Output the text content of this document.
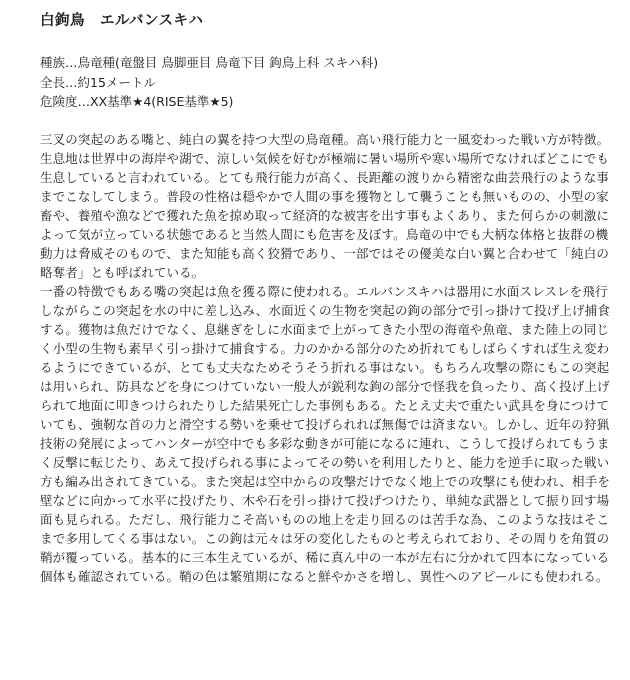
白鉤鳥　エルバンスキハ
種族…鳥竜種(竜盤目 鳥脚亜目 鳥竜下目 鉤鳥上科 スキハ科)
全長…約15メートル
危険度…XX基準★4(RISE基準★5)

三叉の突起のある嘴と、純白の翼を持つ大型の鳥竜種。高い飛行能力と一風変わった戦い方が特徴。

生息地は世界中の海岸や湖で、涼しい気候を好むが極端に暑い場所や寒い場所でなければどこにでも生息していると言われている。とても飛行能力が高く、長距離の渡りから精密な曲芸飛行のような事までこなしてしまう。普段の性格は穏やかで人間の事を獲物として襲うことも無いものの、小型の家畜や、養殖や漁などで獲れた魚を掠め取って経済的な被害を出す事もよくあり、また何らかの刺激によって気が立っている状態であると当然人間にも危害を及ぼす。鳥竜の中でも大柄な体格と抜群の機動力は脅威そのもので、また知能も高く狡猾であり、一部ではその優美な白い翼と合わせて「純白の略奪者」とも呼ばれている。

一番の特徴でもある嘴の突起は魚を獲る際に使われる。エルバンスキハは器用に水面スレスレを飛行しながらこの突起を水の中に差し込み、水面近くの生物を突起の鉤の部分で引っ掛けて投げ上げ捕食する。獲物は魚だけでなく、息継ぎをしに水面まで上がってきた小型の海竜や魚竜、また陸上の同じく小型の生物も素早く引っ掛けて捕食する。力のかかる部分のため折れてもしばらくすれば生え変わるようにできているが、とても丈夫なためそうそう折れる事はない。もちろん攻撃の際にもこの突起は用いられ、防具などを身につけていない一般人が鋭利な鉤の部分で怪我を負ったり、高く投げ上げられて地面に叩きつけられたりした結果死亡した事例もある。たとえ丈夫で重たい武具を身につけていても、強靭な首の力と滑空する勢いを乗せて投げられれば無傷では済まない。しかし、近年の狩猟技術の発展によってハンターが空中でも多彩な動きが可能になるに連れ、こうして投げられてもうまく反撃に転じたり、あえて投げられる事によってその勢いを利用したりと、能力を逆手に取った戦い方も編み出されてきている。また突起は空中からの攻撃だけでなく地上での攻撃にも使われ、相手を壁などに向かって水平に投げたり、木や石を引っ掛けて投げつけたり、単純な武器として振り回す場面も見られる。ただし、飛行能力こそ高いものの地上を走り回るのは苦手な為、このような技はそこまで多用してくる事はない。この鉤は元々は牙の変化したものと考えられており、その周りを角質の鞘が覆っている。基本的に三本生えているが、稀に真ん中の一本が左右に分かれて四本になっている個体も確認されている。鞘の色は繁殖期になると鮮やかさを増し、異性へのアピールにも使われる。
